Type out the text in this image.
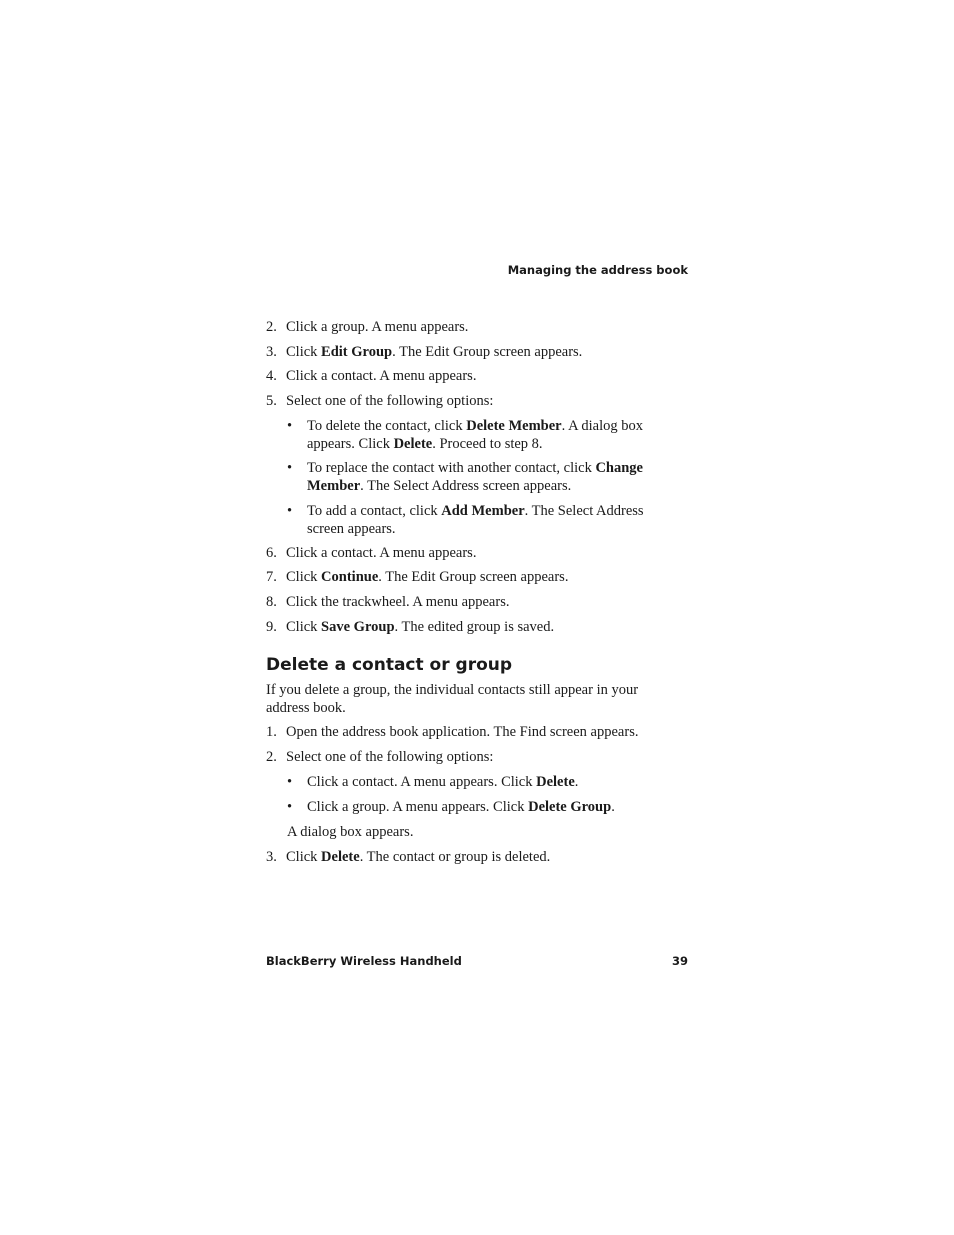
Managing the address book
2. Click a group. A menu appears.
3. Click Edit Group. The Edit Group screen appears.
4. Click a contact. A menu appears.
5. Select one of the following options:
• To delete the contact, click Delete Member. A dialog box
appears. Click Delete. Proceed to step 8.
• To replace the contact with another contact, click Change
Member. The Select Address screen appears.
• To add a contact, click Add Member. The Select Address
screen appears.
6. Click a contact. A menu appears.
7. Click Continue. The Edit Group screen appears.
8. Click the trackwheel. A menu appears.
9. Click Save Group. The edited group is saved.
Delete a contact or group
If you delete a group, the individual contacts still appear in your
address book.
1. Open the address book application. The Find screen appears.
2. Select one of the following options:
• Click a contact. A menu appears. Click Delete.
• Click a group. A menu appears. Click Delete Group.
A dialog box appears.
3. Click Delete. The contact or group is deleted.
BlackBerry Wireless Handheld	39
